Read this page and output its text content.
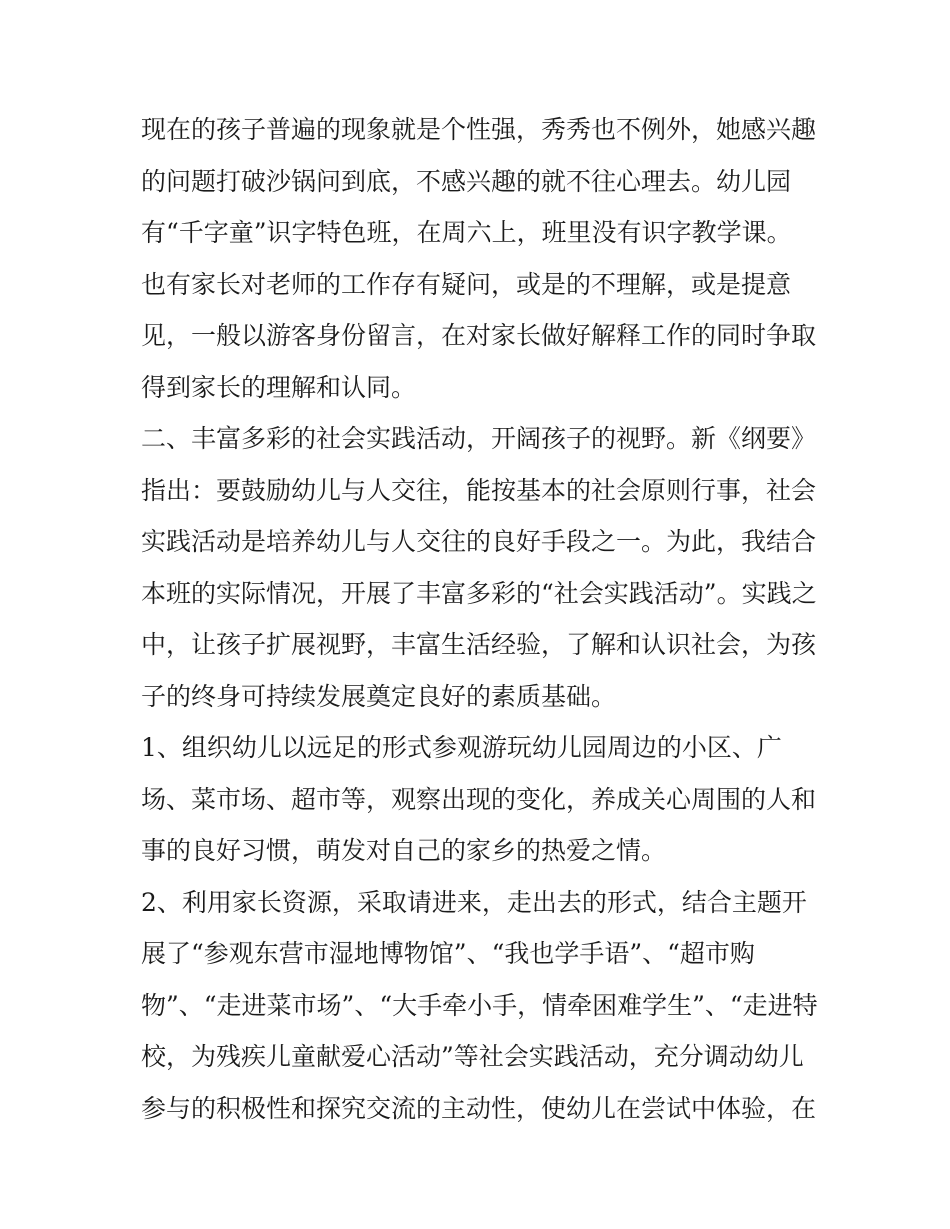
现在的孩子普遍的现象就是个性强，秀秀也不例外，她感兴趣
的问题打破沙锅问到底，不感兴趣的就不往心理去。幼儿园
有“千字童”识字特色班，在周六上，班里没有识字教学课。
也有家长对老师的工作存有疑问，或是的不理解，或是提意
见，一般以游客身份留言，在对家长做好解释工作的同时争取
得到家长的理解和认同。
二、丰富多彩的社会实践活动，开阔孩子的视野。新《纲要》
指出：要鼓励幼儿与人交往，能按基本的社会原则行事，社会
实践活动是培养幼儿与人交往的良好手段之一。为此，我结合
本班的实际情况，开展了丰富多彩的“社会实践活动”。实践之
中，让孩子扩展视野，丰富生活经验，了解和认识社会，为孩
子的终身可持续发展奠定良好的素质基础。
1、组织幼儿以远足的形式参观游玩幼儿园周边的小区、广
场、菜市场、超市等，观察出现的变化，养成关心周围的人和
事的良好习惯，萌发对自己的家乡的热爱之情。
2、利用家长资源，采取请进来，走出去的形式，结合主题开
展了“参观东营市湿地博物馆”、“我也学手语”、“超市购
物”、“走进菜市场”、“大手牵小手，情牵困难学生”、“走进特
校，为残疾儿童献爱心活动”等社会实践活动，充分调动幼儿
参与的积极性和探究交流的主动性，使幼儿在尝试中体验，在
